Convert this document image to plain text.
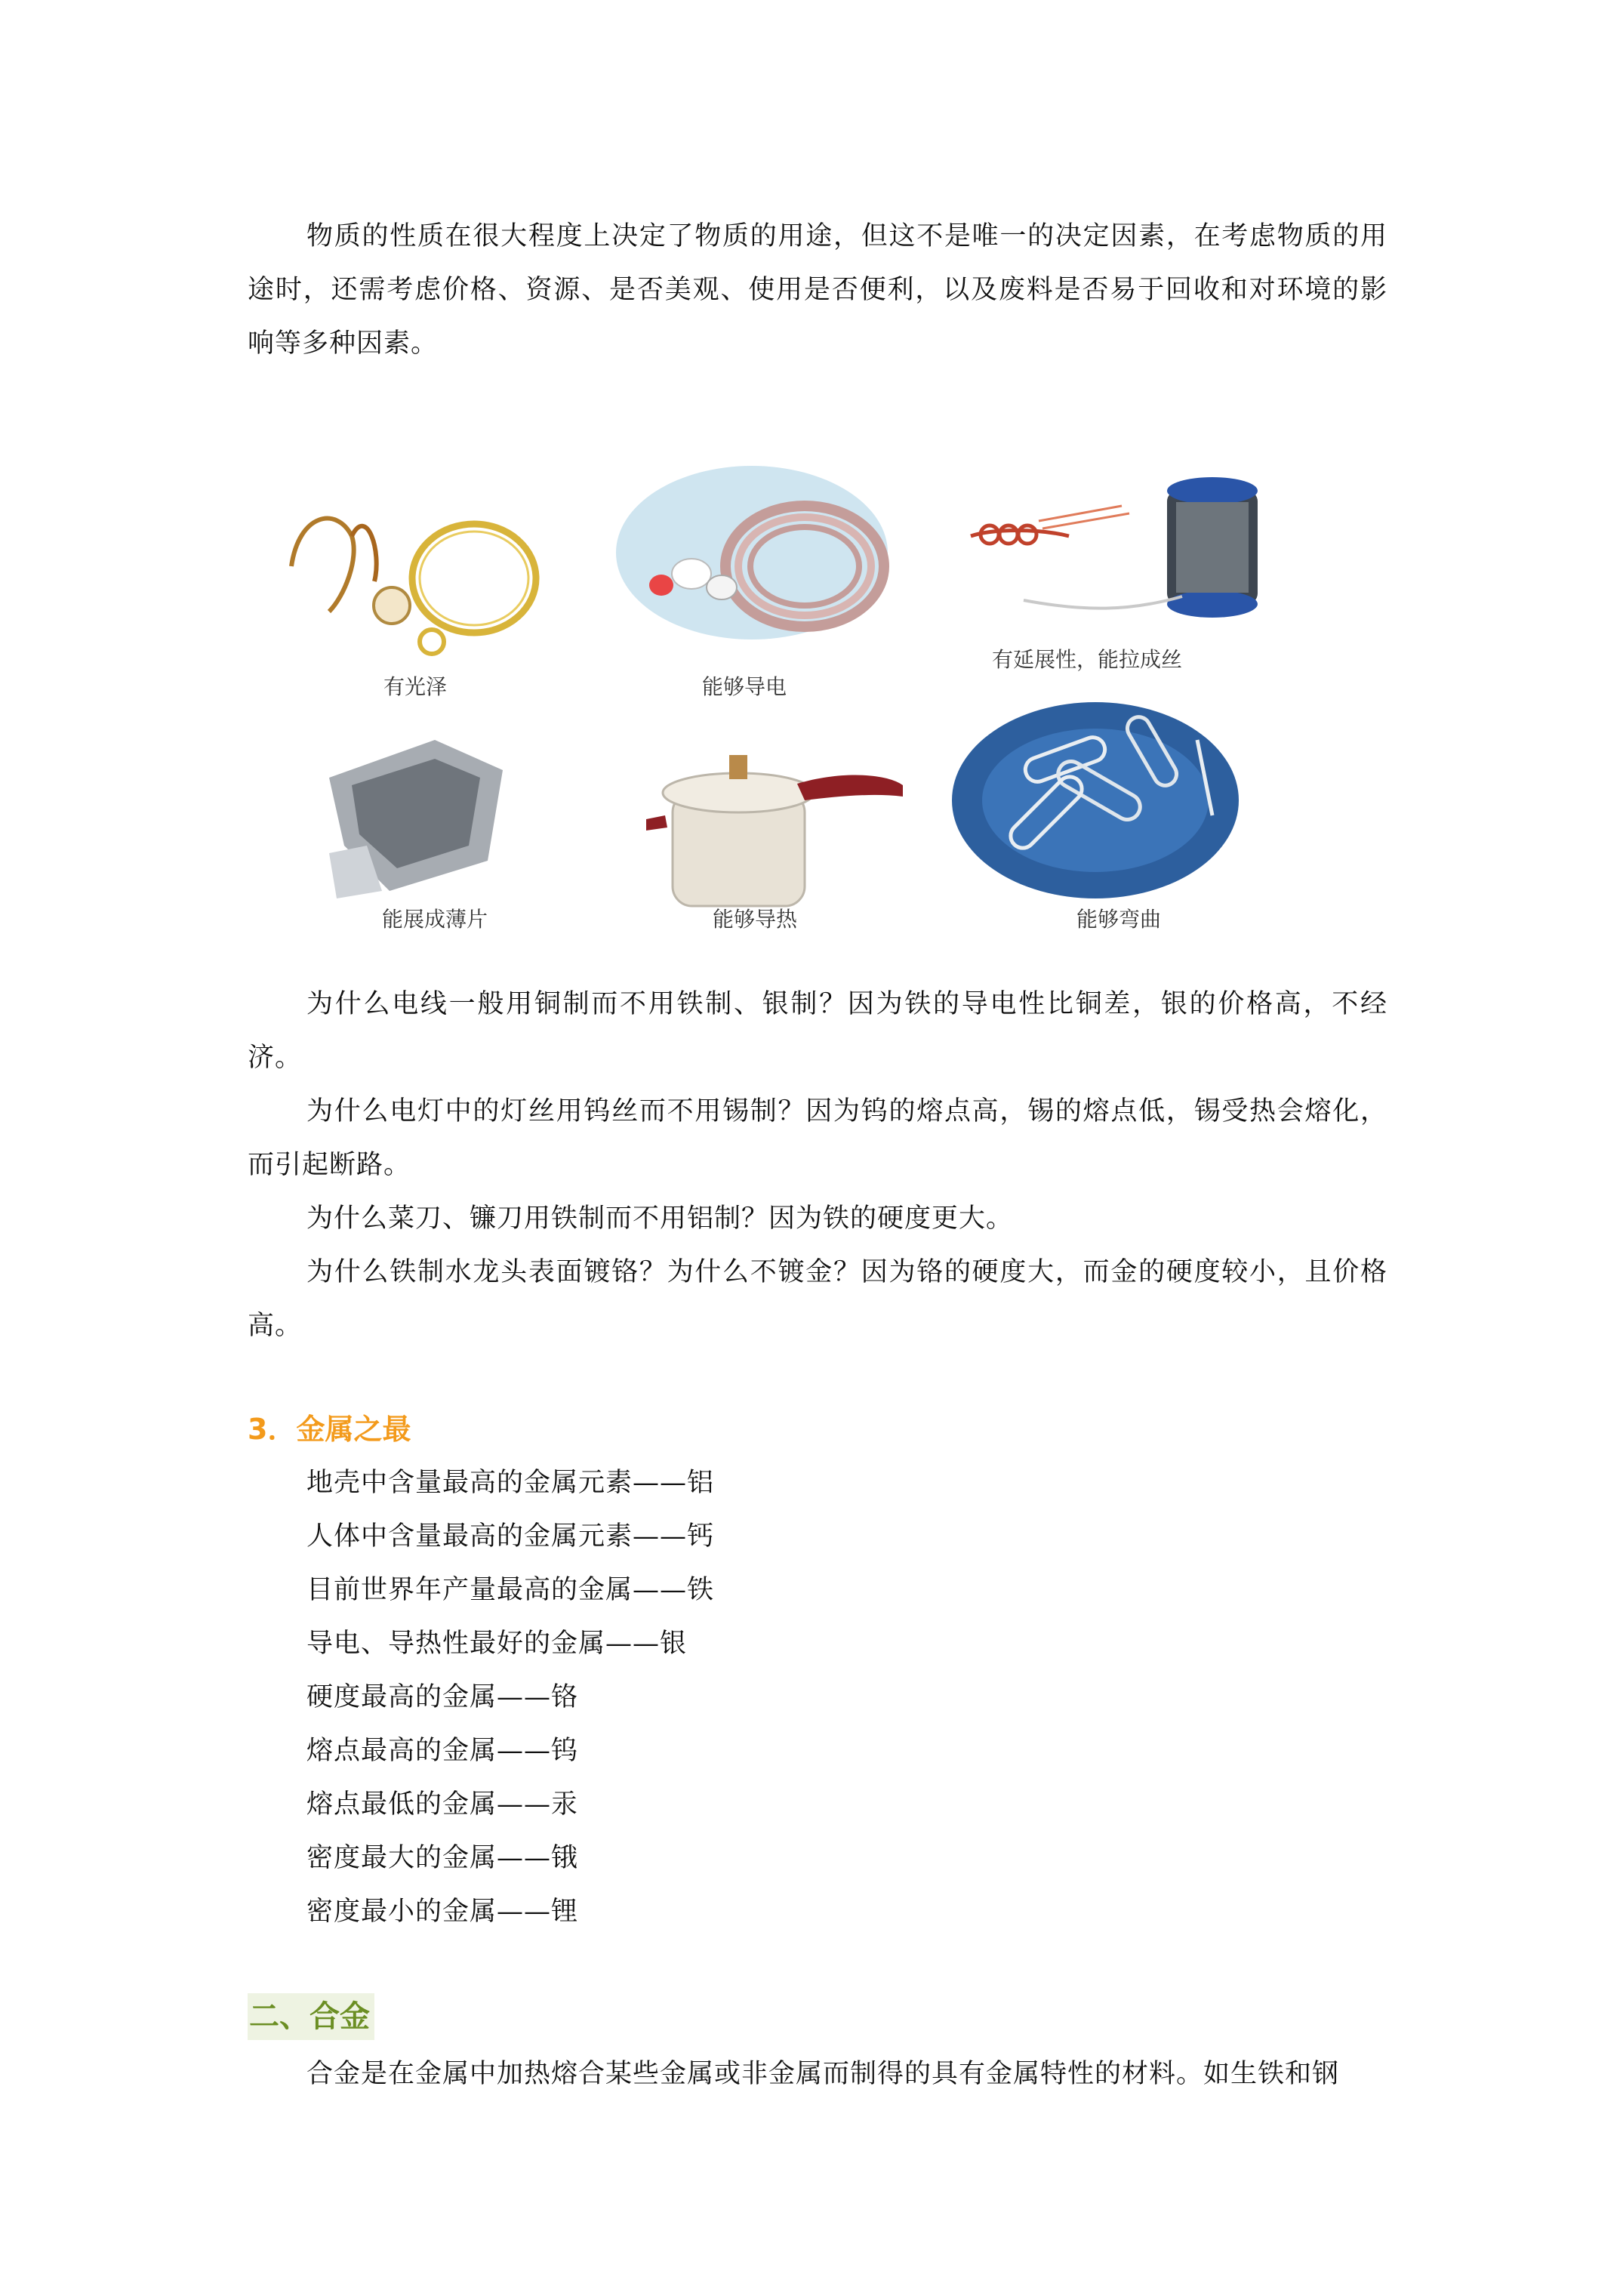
物质的性质在很大程度上决定了物质的用途，但这不是唯一的决定因素，在考虑物质的用途时，还需考虑价格、资源、是否美观、使用是否便利，以及废料是否易于回收和对环境的影响等多种因素。

有光泽	能够导电
有延展性，能拉成丝
能展成薄片	能够导热	能够弯曲

为什么电线一般用铜制而不用铁制、银制？因为铁的导电性比铜差，银的价格高，不经济。

为什么电灯中的灯丝用钨丝而不用锡制？因为钨的熔点高，锡的熔点低，锡受热会熔化，而引起断路。

为什么菜刀、镰刀用铁制而不用铝制？因为铁的硬度更大。

为什么铁制水龙头表面镀铬？为什么不镀金？因为铬的硬度大，而金的硬度较小，且价格高。

3．金属之最

地壳中含量最高的金属元素——铝

人体中含量最高的金属元素——钙

目前世界年产量最高的金属——铁

导电、导热性最好的金属——银

硬度最高的金属——铬

熔点最高的金属——钨

熔点最低的金属——汞

密度最大的金属——锇

密度最小的金属——锂

二、合金

合金是在金属中加热熔合某些金属或非金属而制得的具有金属特性的材料。如生铁和钢
